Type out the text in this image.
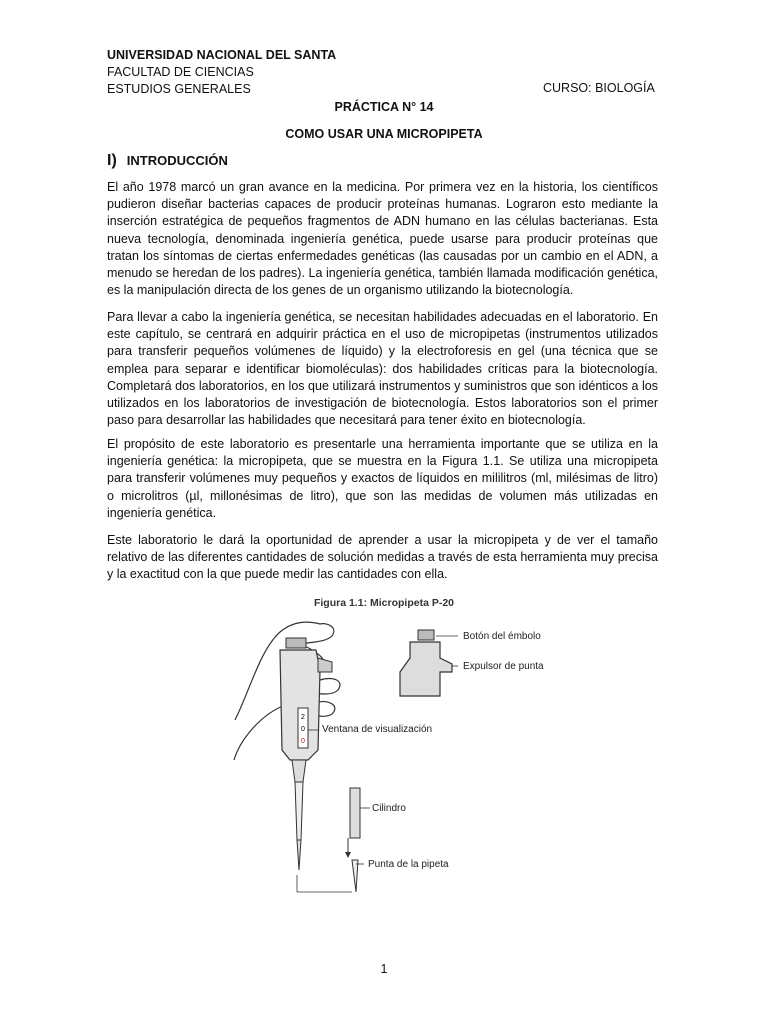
UNIVERSIDAD NACIONAL DEL SANTA
FACULTAD DE CIENCIAS
ESTUDIOS GENERALES	CURSO: BIOLOGÍA
PRÁCTICA N° 14
COMO USAR UNA MICROPIPETA
I) INTRODUCCIÓN

El año 1978 marcó un gran avance en la medicina. Por primera vez en la historia, los científicos pudieron diseñar bacterias capaces de producir proteínas humanas. Lograron esto mediante la inserción estratégica de pequeños fragmentos de ADN humano en las células bacterianas. Esta nueva tecnología, denominada ingeniería genética, puede usarse para producir proteínas que tratan los síntomas de ciertas enfermedades genéticas (las causadas por un cambio en el ADN, a menudo se heredan de los padres). La ingeniería genética, también llamada modificación genética, es la manipulación directa de los genes de un organismo utilizando la biotecnología.

Para llevar a cabo la ingeniería genética, se necesitan habilidades adecuadas en el laboratorio. En este capítulo, se centrará en adquirir práctica en el uso de micropipetas (instrumentos utilizados para transferir pequeños volúmenes de líquido) y la electroforesis en gel (una técnica que se emplea para separar e identificar biomoléculas): dos habilidades críticas para la biotecnología. Completará dos laboratorios, en los que utilizará instrumentos y suministros que son idénticos a los utilizados en los laboratorios de investigación de biotecnología. Estos laboratorios son el primer paso para desarrollar las habilidades que necesitará para tener éxito en biotecnología.

El propósito de este laboratorio es presentarle una herramienta importante que se utiliza en la ingeniería genética: la micropipeta, que se muestra en la Figura 1.1. Se utiliza una micropipeta para transferir volúmenes muy pequeños y exactos de líquidos en mililitros (ml, milésimas de litro) o microlitros (µl, millonésimas de litro), que son las medidas de volumen más utilizadas en ingeniería genética.

Este laboratorio le dará la oportunidad de aprender a usar la micropipeta y de ver el tamaño relativo de las diferentes cantidades de solución medidas a través de esta herramienta muy precisa y la exactitud con la que puede medir las cantidades con ella.

Figura 1.1: Micropipeta P-20
2
0
0
Botón del émbolo
Expulsor de punta
Ventana de visualización
Cilindro
Punta de la pipeta
1
